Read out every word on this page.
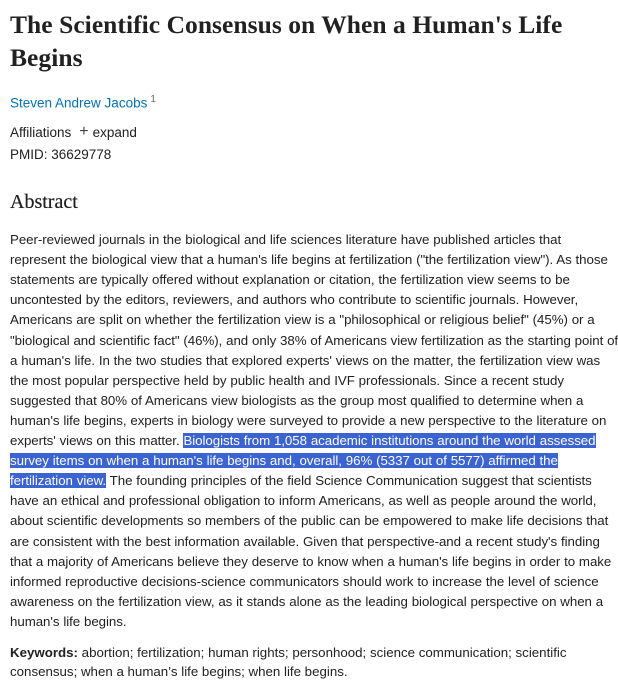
The Scientific Consensus on When a Human's Life Begins
Steven Andrew Jacobs $^1$
Affiliations + expand
PMID: 36629778
Abstract
Peer-reviewed journals in the biological and life sciences literature have published articles that represent the biological view that a human's life begins at fertilization ("the fertilization view"). As those statements are typically offered without explanation or citation, the fertilization view seems to be uncontested by the editors, reviewers, and authors who contribute to scientific journals. However, Americans are split on whether the fertilization view is a "philosophical or religious belief" (45%) or a "biological and scientific fact" (46%), and only 38% of Americans view fertilization as the starting point of a human's life. In the two studies that explored experts' views on the matter, the fertilization view was the most popular perspective held by public health and IVF professionals. Since a recent study suggested that 80% of Americans view biologists as the group most qualified to determine when a human's life begins, experts in biology were surveyed to provide a new perspective to the literature on experts' views on this matter. Biologists from 1,058 academic institutions around the world assessed survey items on when a human's life begins and, overall, 96% (5337 out of 5577) affirmed the fertilization view. The founding principles of the field Science Communication suggest that scientists have an ethical and professional obligation to inform Americans, as well as people around the world, about scientific developments so members of the public can be empowered to make life decisions that are consistent with the best information available. Given that perspective-and a recent study's finding that a majority of Americans believe they deserve to know when a human's life begins in order to make informed reproductive decisions-science communicators should work to increase the level of science awareness on the fertilization view, as it stands alone as the leading biological perspective on when a human's life begins.
Keywords: abortion; fertilization; human rights; personhood; science communication; scientific consensus; when a human’s life begins; when life begins.
